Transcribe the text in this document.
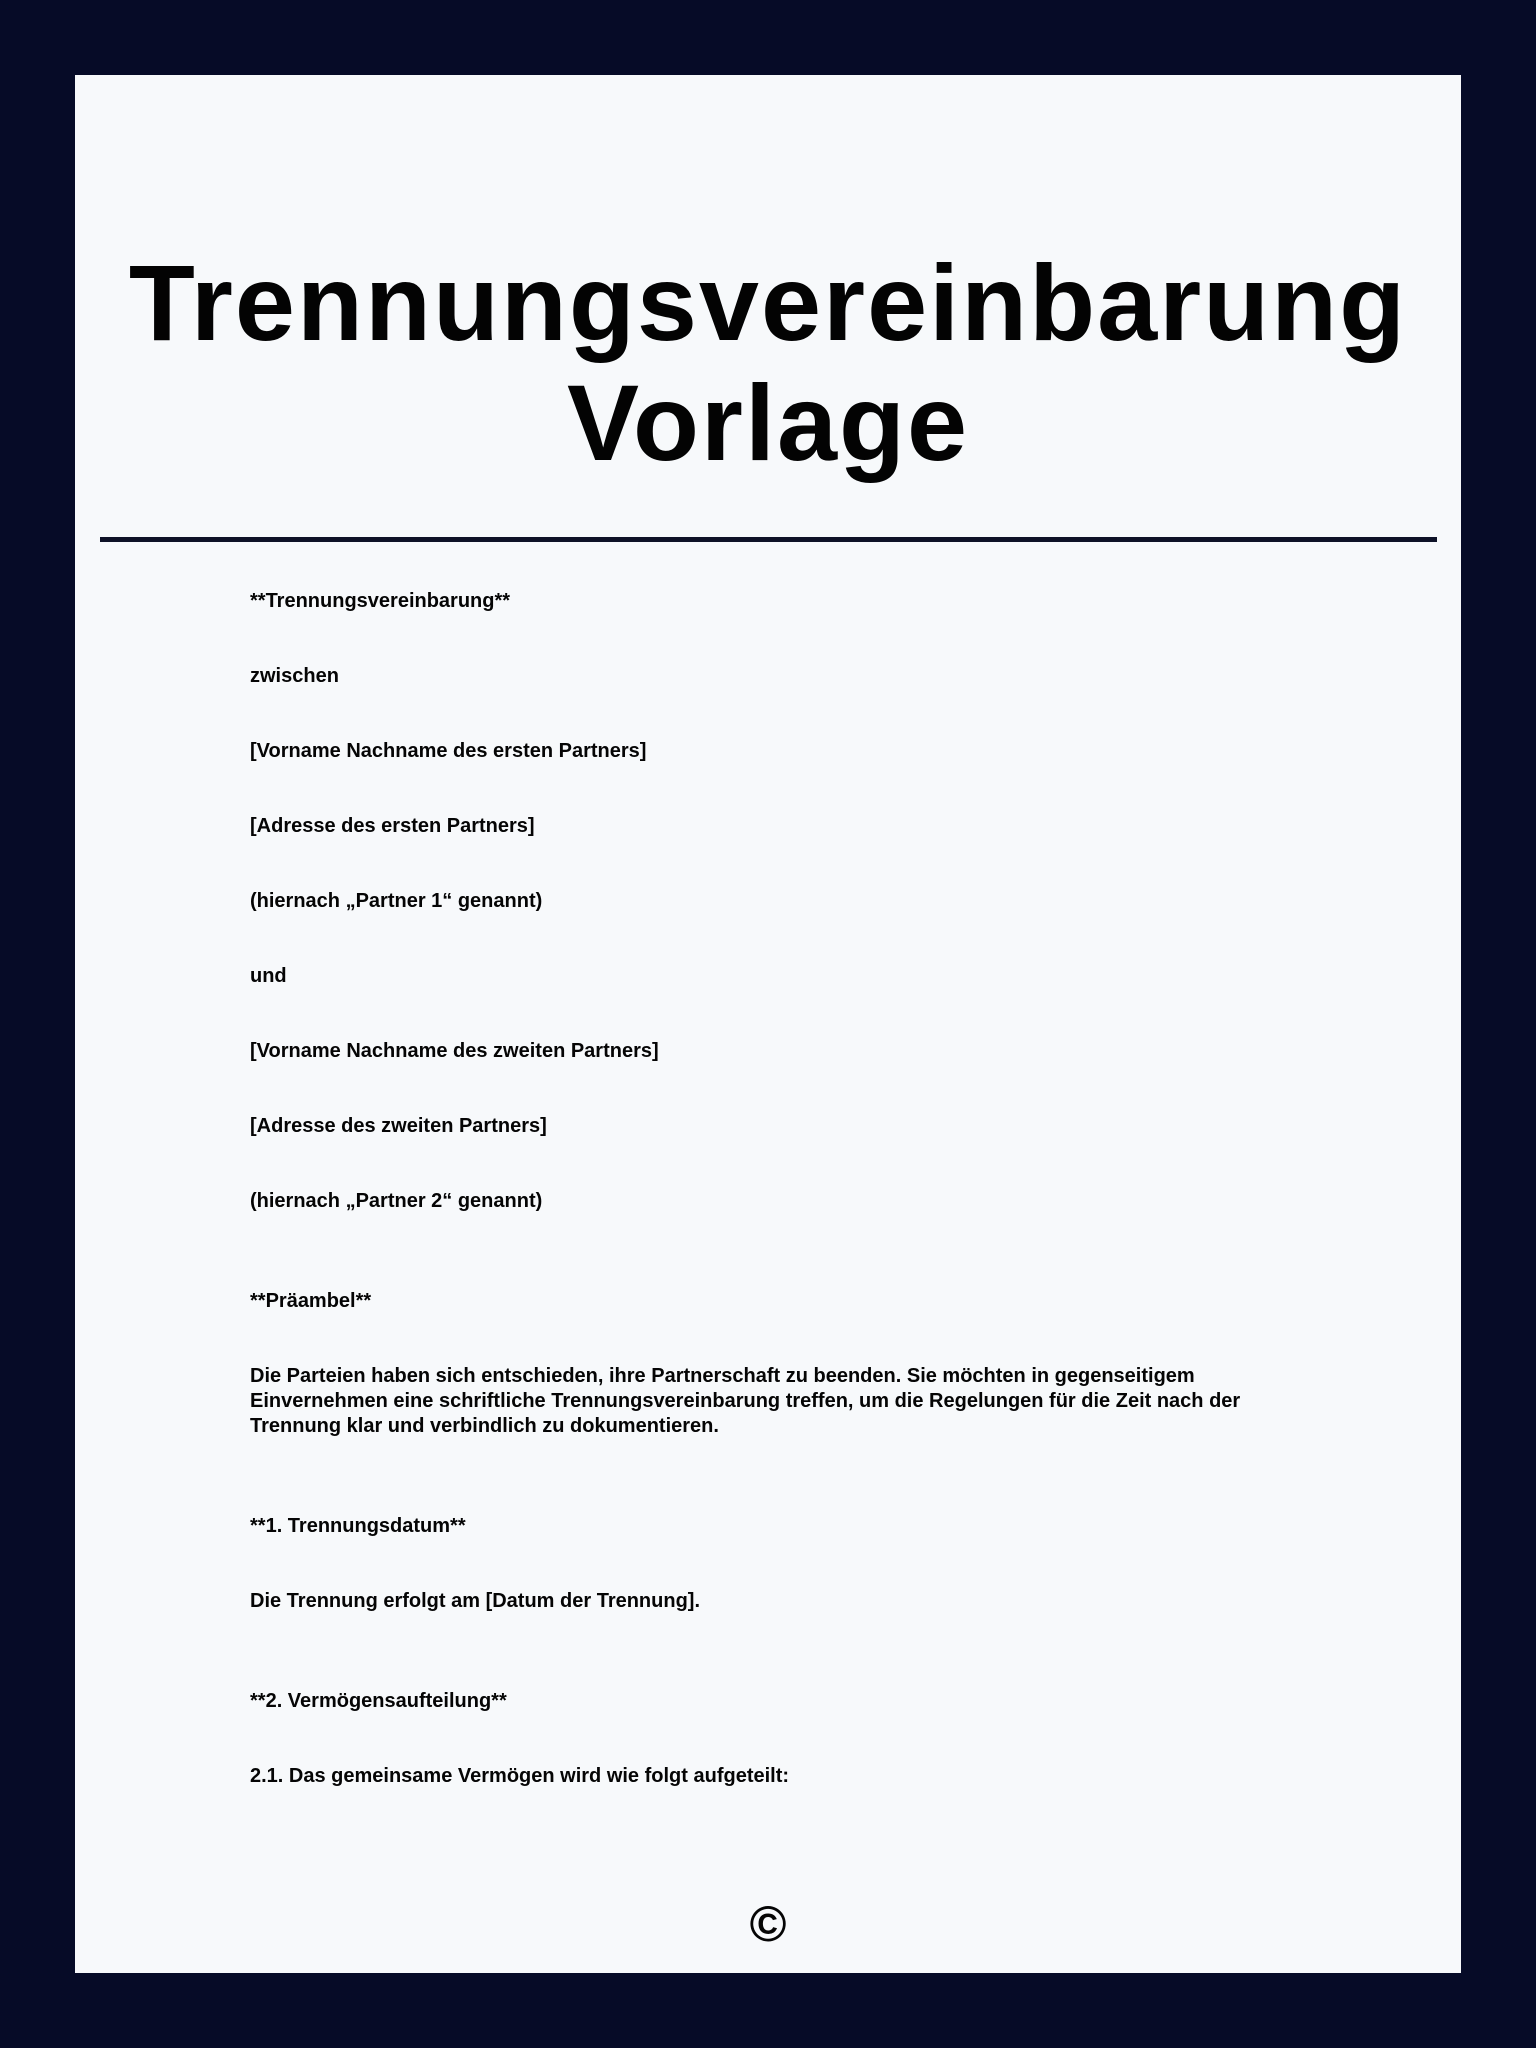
Trennungsvereinbarung
Vorlage

**Trennungsvereinbarung**

zwischen

[Vorname Nachname des ersten Partners]

[Adresse des ersten Partners]

(hiernach „Partner 1“ genannt)

und

[Vorname Nachname des zweiten Partners]

[Adresse des zweiten Partners]

(hiernach „Partner 2“ genannt)

**Präambel**

Die Parteien haben sich entschieden, ihre Partnerschaft zu beenden. Sie möchten in gegenseitigem Einvernehmen eine schriftliche Trennungsvereinbarung treffen, um die Regelungen für die Zeit nach der Trennung klar und verbindlich zu dokumentieren.

**1. Trennungsdatum**

Die Trennung erfolgt am [Datum der Trennung].

**2. Vermögensaufteilung**

2.1. Das gemeinsame Vermögen wird wie folgt aufgeteilt:

©
